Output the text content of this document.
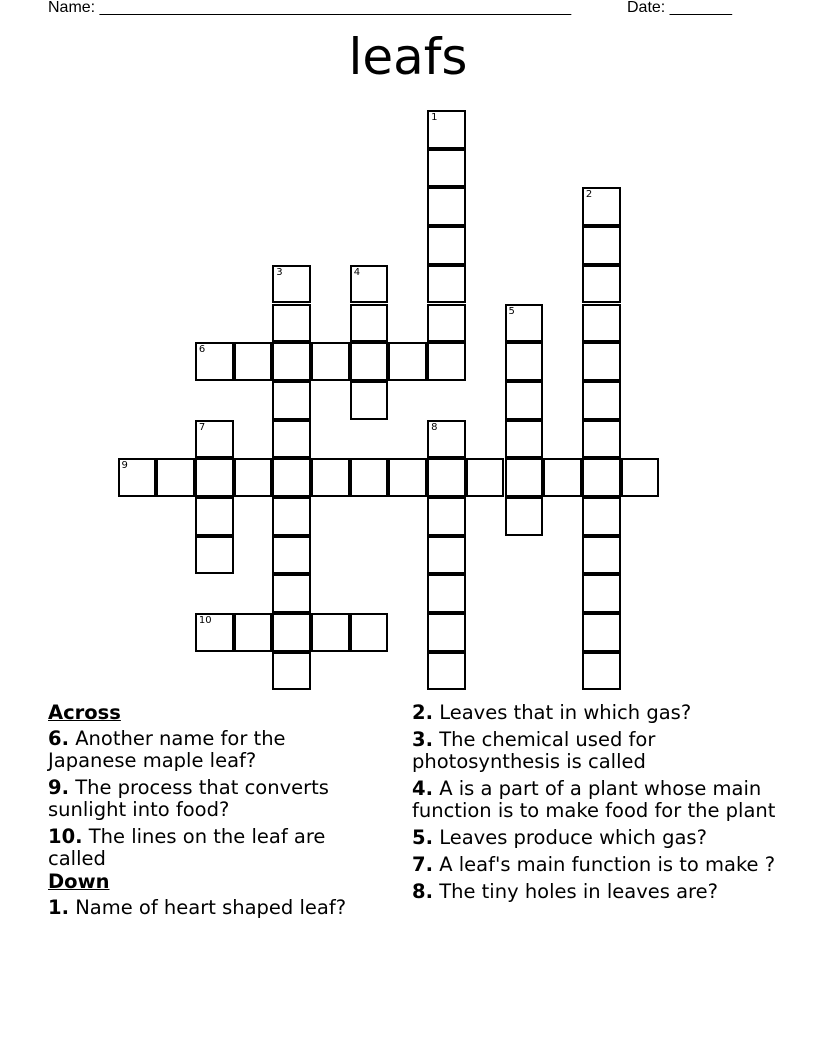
Name: _____________________________________________________	Date: _______
leafs
1
2
3	4
5
6
7	8
9
10
Across
6. Another name for the Japanese maple leaf?
9. The process that converts sunlight into food?
10. The lines on the leaf are called
Down
1. Name of heart shaped leaf?
2. Leaves that in which gas?
3. The chemical used for photosynthesis is called
4. A is a part of a plant whose main function is to make food for the plant
5. Leaves produce which gas?
7. A leaf's main function is to make ?
8. The tiny holes in leaves are?
